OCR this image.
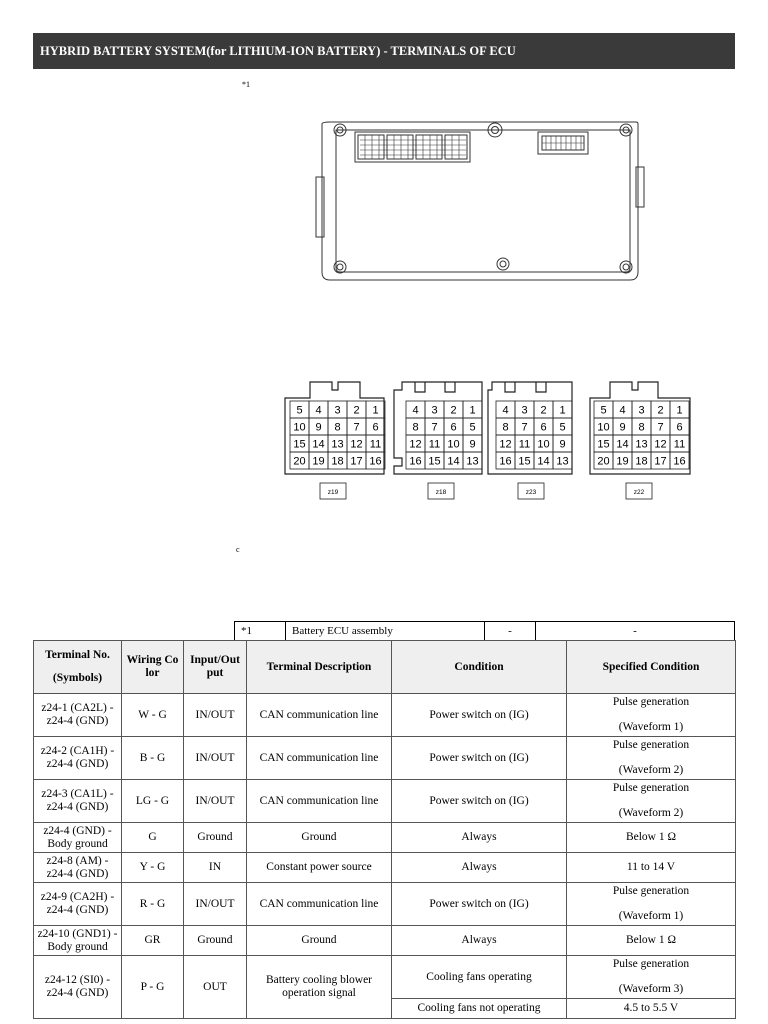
HYBRID BATTERY SYSTEM(for LITHIUM-ION BATTERY) - TERMINALS OF ECU
*1
5 4 3 2 1
10 9 8 7 6
15 14 13 12 11
20 19 18 17 16
4 3 2 1
8 7 6 5
12 11 10 9
16 15 14 13
4 3 2 1
8 7 6 5
12 11 10 9
16 15 14 13
5 4 3 2 1
10 9 8 7 6
15 14 13 12 11
20 19 18 17 16
z19	z18	z23	z22
c
*1	Battery ECU assembly	-	-
Terminal No.
(Symbols)	Wiring Co lor	Input/Out put	Terminal Description	Condition	Specified Condition
z24-1 (CA2L) - z24-4 (GND)	W - G	IN/OUT	CAN communication line	Power switch on (IG)	Pulse generation
(Waveform 1)

z24-2 (CA1H) - z24-4 (GND)	B - G	IN/OUT	CAN communication line	Power switch on (IG)	Pulse generation
(Waveform 2)

z24-3 (CA1L) - z24-4 (GND)	LG - G	IN/OUT	CAN communication line	Power switch on (IG)	Pulse generation
(Waveform 2)

z24-4 (GND) - Body ground	G	Ground	Ground	Always	Below 1 Ω
z24-8 (AM) - z24-4 (GND)	Y - G	IN	Constant power source	Always	11 to 14 V
z24-9 (CA2H) - z24-4 (GND)	R - G	IN/OUT	CAN communication line	Power switch on (IG)	Pulse generation
(Waveform 1)

z24-10 (GND1) - Body ground	GR	Ground	Ground	Always	Below 1 Ω
z24-12 (SI0) - z24-4 (GND)	P - G	OUT	Battery cooling blower operation signal	Cooling fans operating	Pulse generation
(Waveform 3)

				Cooling fans not operating	4.5 to 5.5 V
